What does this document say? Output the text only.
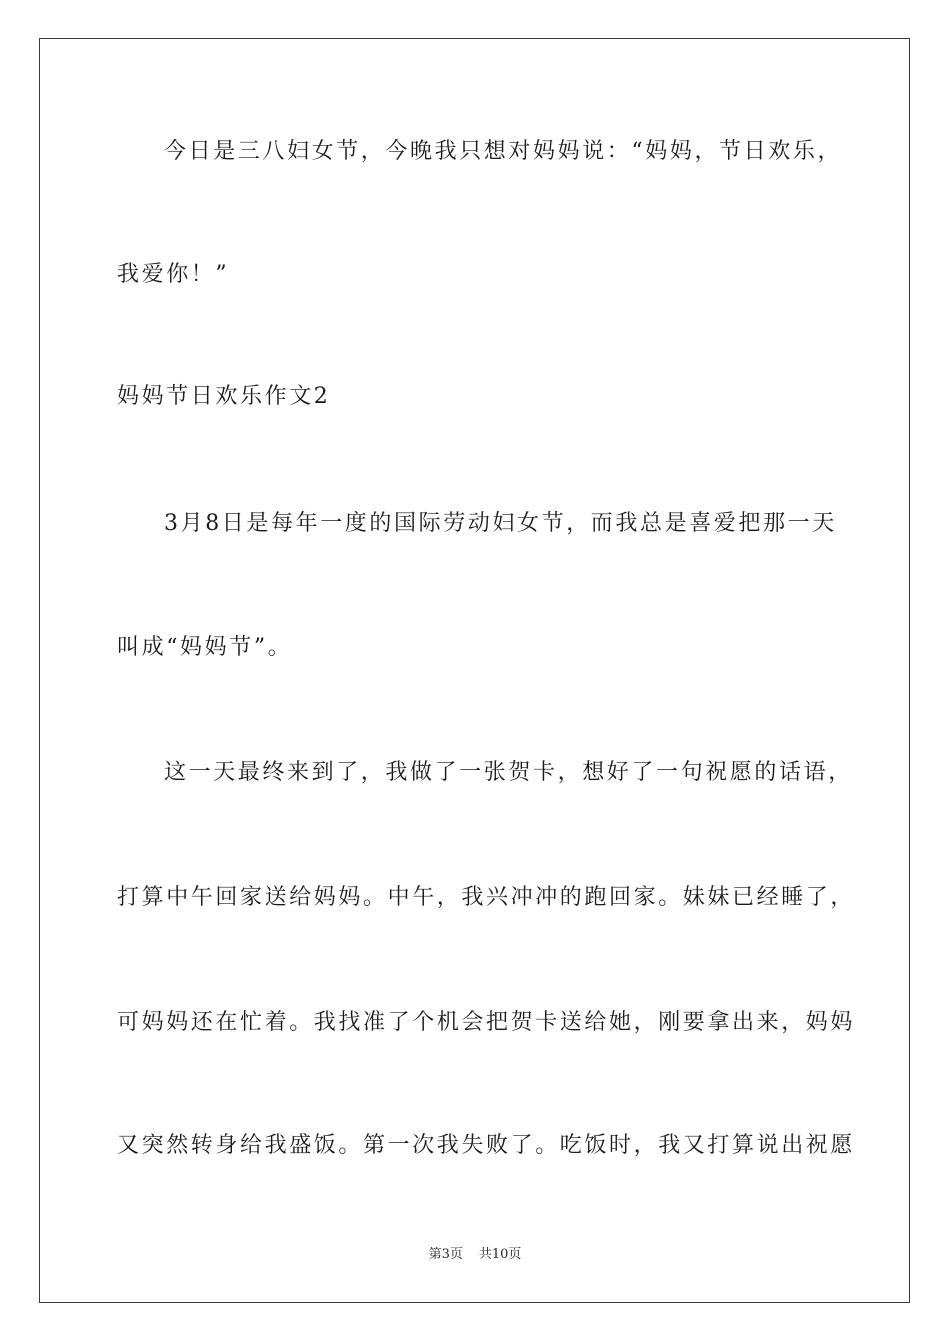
今日是三八妇女节，今晚我只想对妈妈说：“妈妈，节日欢乐，
我爱你！”
妈妈节日欢乐作文2
3月8日是每年一度的国际劳动妇女节，而我总是喜爱把那一天
叫成“妈妈节”。
这一天最终来到了，我做了一张贺卡，想好了一句祝愿的话语，
打算中午回家送给妈妈。中午，我兴冲冲的跑回家。妹妹已经睡了，
可妈妈还在忙着。我找准了个机会把贺卡送给她，刚要拿出来，妈妈
又突然转身给我盛饭。第一次我失败了。吃饭时，我又打算说出祝愿
第3页 共10页
